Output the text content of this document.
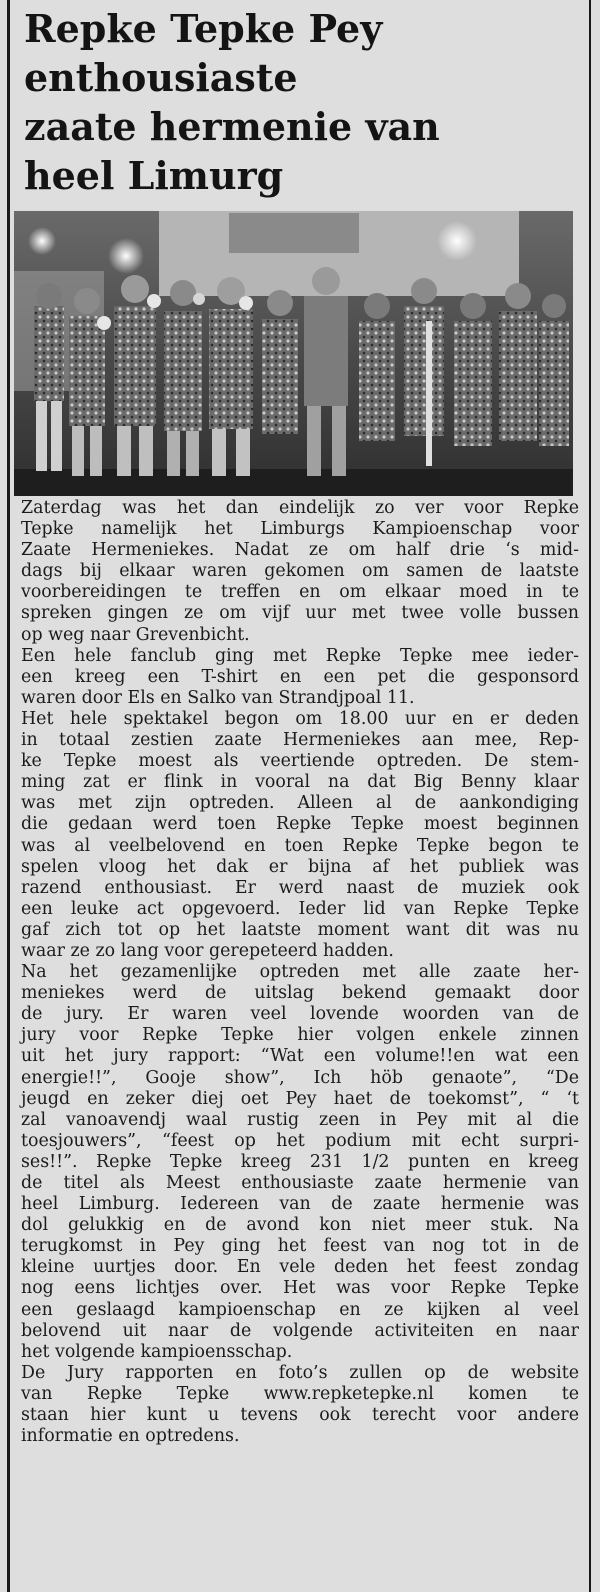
Repke Tepke Pey
enthousiaste
zaate hermenie van
heel Limurg
Zaterdag was het dan eindelijk zo ver voor Repke
Tepke namelijk het Limburgs Kampioenschap voor
Zaate Hermeniekes. Nadat ze om half drie ‘s mid-
dags bij elkaar waren gekomen om samen de laatste
voorbereidingen te treffen en om elkaar moed in te
spreken gingen ze om vijf uur met twee volle bussen
op weg naar Grevenbicht.
Een hele fanclub ging met Repke Tepke mee ieder-
een kreeg een T-shirt en een pet die gesponsord
waren door Els en Salko van Strandjpoal 11.
Het hele spektakel begon om 18.00 uur en er deden
in totaal zestien zaate Hermeniekes aan mee, Rep-
ke Tepke moest als veertiende optreden. De stem-
ming zat er flink in vooral na dat Big Benny klaar
was met zijn optreden. Alleen al de aankondiging
die gedaan werd toen Repke Tepke moest beginnen
was al veelbelovend en toen Repke Tepke begon te
spelen vloog het dak er bijna af het publiek was
razend enthousiast. Er werd naast de muziek ook
een leuke act opgevoerd. Ieder lid van Repke Tepke
gaf zich tot op het laatste moment want dit was nu
waar ze zo lang voor gerepeteerd hadden.
Na het gezamenlijke optreden met alle zaate her-
meniekes werd de uitslag bekend gemaakt door
de jury. Er waren veel lovende woorden van de
jury voor Repke Tepke hier volgen enkele zinnen
uit het jury rapport: “Wat een volume!!en wat een
energie!!”, Gooje show”, Ich höb genaote”, “De
jeugd en zeker diej oet Pey haet de toekomst”, “ ‘t
zal vanoavendj waal rustig zeen in Pey mit al die
toesjouwers”, “feest op het podium mit echt surpri-
ses!!”. Repke Tepke kreeg 231 1/2 punten en kreeg
de titel als Meest enthousiaste zaate hermenie van
heel Limburg. Iedereen van de zaate hermenie was
dol gelukkig en de avond kon niet meer stuk. Na
terugkomst in Pey ging het feest van nog tot in de
kleine uurtjes door. En vele deden het feest zondag
nog eens lichtjes over. Het was voor Repke Tepke
een geslaagd kampioenschap en ze kijken al veel
belovend uit naar de volgende activiteiten en naar
het volgende kampioensschap.
De Jury rapporten en foto’s zullen op de website
van Repke Tepke www.repketepke.nl komen te
staan hier kunt u tevens ook terecht voor andere
informatie en optredens.
